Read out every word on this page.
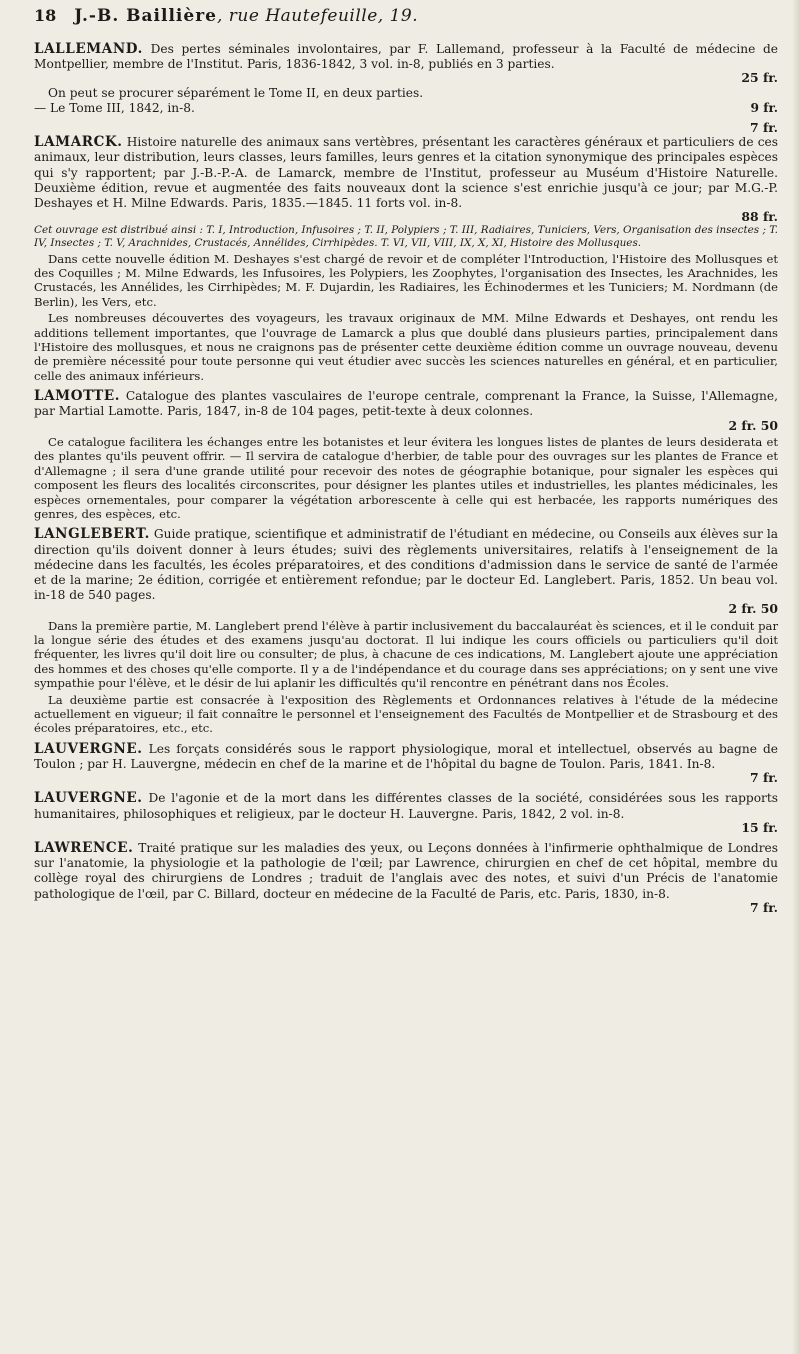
18 J.-B. Baillière, rue Hautefeuille, 19.
LALLEMAND. Des pertes séminales involontaires, par F. Lallemand, professeur à la Faculté de médecine de Montpellier, membre de l'Institut. Paris, 1836-1842, 3 vol. in-8, publiés en 3 parties.
25 fr.
On peut se procurer séparément le Tome II, en deux parties.
— Le Tome III, 1842, in-8.	9 fr.
7 fr.
LAMARCK. Histoire naturelle des animaux sans vertèbres, présentant les caractères généraux et particuliers de ces animaux, leur distribution, leurs classes, leurs familles, leurs genres et la citation synonymique des principales espèces qui s'y rapportent; par J.-B.-P.-A. de Lamarck, membre de l'Institut, professeur au Muséum d'Histoire Naturelle. Deuxième édition, revue et augmentée des faits nouveaux dont la science s'est enrichie jusqu'à ce jour; par M.G.-P. Deshayes et H. Milne Edwards. Paris, 1835.—1845. 11 forts vol. in-8.
88 fr.
Cet ouvrage est distribué ainsi : T. I, Introduction, Infusoires ; T. II, Polypiers ; T. III, Radiaires, Tuniciers, Vers, Organisation des insectes ; T. IV, Insectes ; T. V, Arachnides, Crustacés, Annélides, Cirrhipèdes. T. VI, VII, VIII, IX, X, XI, Histoire des Mollusques.
Dans cette nouvelle édition M. Deshayes s'est chargé de revoir et de compléter l'Introduction, l'Histoire des Mollusques et des Coquilles ; M. Milne Edwards, les Infusoires, les Polypiers, les Zoophytes, l'organisation des Insectes, les Arachnides, les Crustacés, les Annélides, les Cirrhipèdes; M. F. Dujardin, les Radiaires, les Échinodermes et les Tuniciers; M. Nordmann (de Berlin), les Vers, etc.
Les nombreuses découvertes des voyageurs, les travaux originaux de MM. Milne Edwards et Deshayes, ont rendu les additions tellement importantes, que l'ouvrage de Lamarck a plus que doublé dans plusieurs parties, principalement dans l'Histoire des mollusques, et nous ne craignons pas de présenter cette deuxième édition comme un ouvrage nouveau, devenu de première nécessité pour toute personne qui veut étudier avec succès les sciences naturelles en général, et en particulier, celle des animaux inférieurs.
LAMOTTE. Catalogue des plantes vasculaires de l'europe centrale, comprenant la France, la Suisse, l'Allemagne, par Martial Lamotte. Paris, 1847, in-8 de 104 pages, petit-texte à deux colonnes.
2 fr. 50
Ce catalogue facilitera les échanges entre les botanistes et leur évitera les longues listes de plantes de leurs desiderata et des plantes qu'ils peuvent offrir. — Il servira de catalogue d'herbier, de table pour des ouvrages sur les plantes de France et d'Allemagne ; il sera d'une grande utilité pour recevoir des notes de géographie botanique, pour signaler les espèces qui composent les fleurs des localités circonscrites, pour désigner les plantes utiles et industrielles, les plantes médicinales, les espèces ornementales, pour comparer la végétation arborescente à celle qui est herbacée, les rapports numériques des genres, des espèces, etc.
LANGLEBERT. Guide pratique, scientifique et administratif de l'étudiant en médecine, ou Conseils aux élèves sur la direction qu'ils doivent donner à leurs études; suivi des règlements universitaires, relatifs à l'enseignement de la médecine dans les facultés, les écoles préparatoires, et des conditions d'admission dans le service de santé de l'armée et de la marine; 2e édition, corrigée et entièrement refondue; par le docteur Ed. Langlebert. Paris, 1852. Un beau vol. in-18 de 540 pages.
2 fr. 50
Dans la première partie, M. Langlebert prend l'élève à partir inclusivement du baccalauréat ès sciences, et il le conduit par la longue série des études et des examens jusqu'au doctorat. Il lui indique les cours officiels ou particuliers qu'il doit fréquenter, les livres qu'il doit lire ou consulter; de plus, à chacune de ces indications, M. Langlebert ajoute une appréciation des hommes et des choses qu'elle comporte. Il y a de l'indépendance et du courage dans ses appréciations; on y sent une vive sympathie pour l'élève, et le désir de lui aplanir les difficultés qu'il rencontre en pénétrant dans nos Écoles.
La deuxième partie est consacrée à l'exposition des Règlements et Ordonnances relatives à l'étude de la médecine actuellement en vigueur; il fait connaître le personnel et l'enseignement des Facultés de Montpellier et de Strasbourg et des écoles préparatoires, etc., etc.
LAUVERGNE. Les forçats considérés sous le rapport physiologique, moral et intellectuel, observés au bagne de Toulon ; par H. Lauvergne, médecin en chef de la marine et de l'hôpital du bagne de Toulon. Paris, 1841. In-8.
7 fr.
LAUVERGNE. De l'agonie et de la mort dans les différentes classes de la société, considérées sous les rapports humanitaires, philosophiques et religieux, par le docteur H. Lauvergne. Paris, 1842, 2 vol. in-8.
15 fr.
LAWRENCE. Traité pratique sur les maladies des yeux, ou Leçons données à l'infirmerie ophthalmique de Londres sur l'anatomie, la physiologie et la pathologie de l'œil; par Lawrence, chirurgien en chef de cet hôpital, membre du collège royal des chirurgiens de Londres ; traduit de l'anglais avec des notes, et suivi d'un Précis de l'anatomie pathologique de l'œil, par C. Billard, docteur en médecine de la Faculté de Paris, etc. Paris, 1830, in-8.
7 fr.
